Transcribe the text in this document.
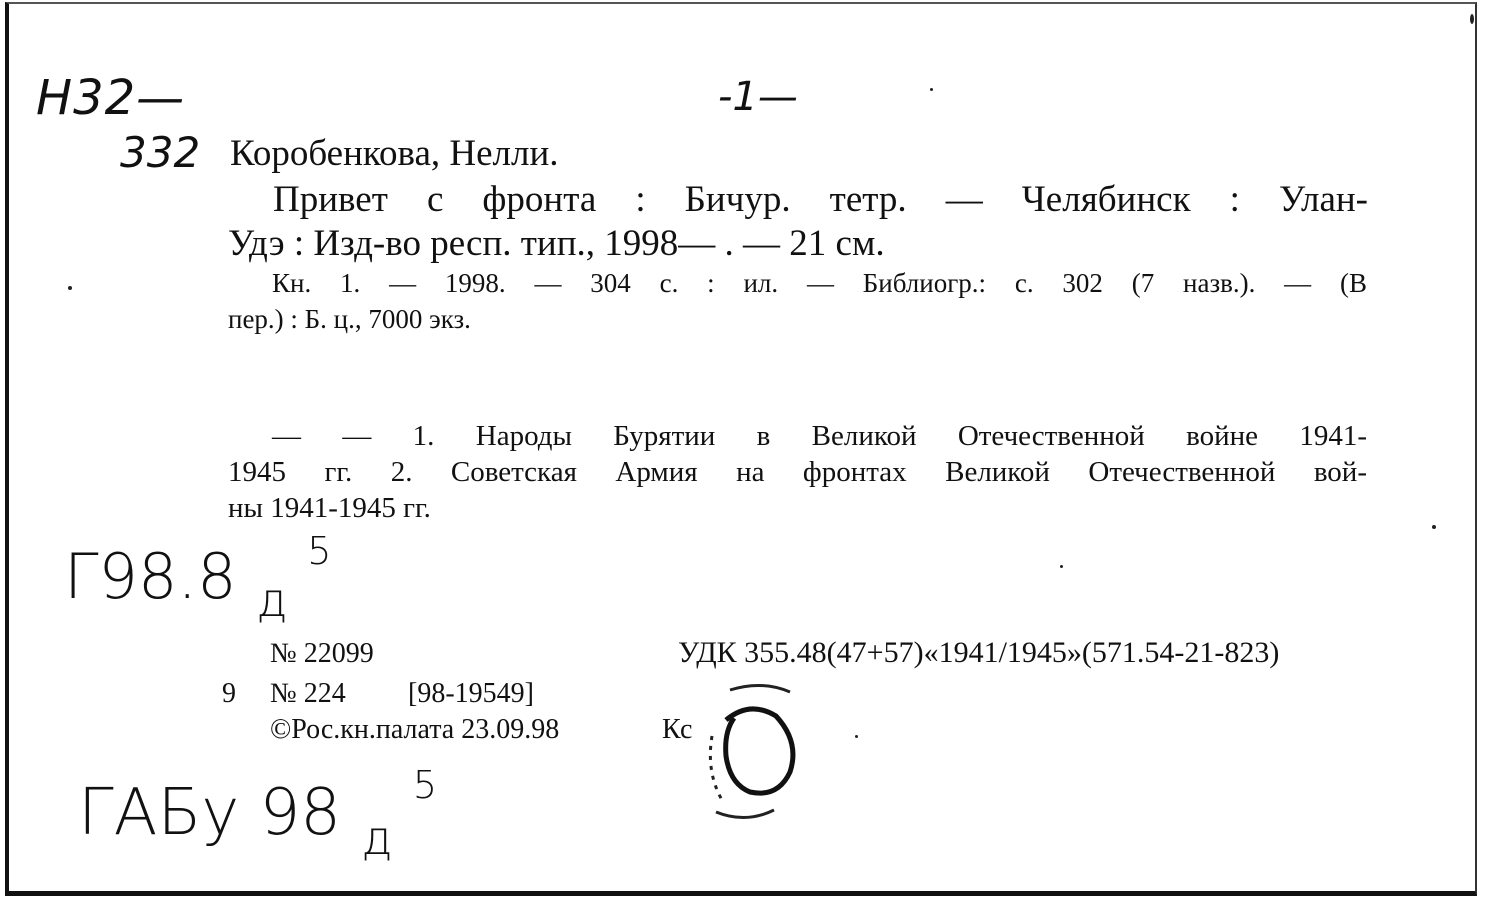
Н32—
332
-1—
Коробенкова, Нелли.
Привет с фронта : Бичур. тетр. — Челябинск : Улан-
Удэ : Изд-во респ. тип., 1998— . — 21 см.
Кн. 1. — 1998. — 304 с. : ил. — Библиогр.: с. 302 (7 назв.). — (В
пер.) : Б. ц., 7000 экз.
— — 1. Народы Бурятии в Великой Отечественной войне 1941-
1945 гг. 2. Советская Армия на фронтах Великой Отечественной вой-
ны 1941-1945 гг.
Г98.8 $_д$ $^5$
№ 22099	УДК 355.48(47+57)«1941/1945»(571.54-21-823)
9 № 224 [98-19549]
©Рос.кн.палата 23.09.98	Кс
ГАБу 98 $_д$ $^5$
